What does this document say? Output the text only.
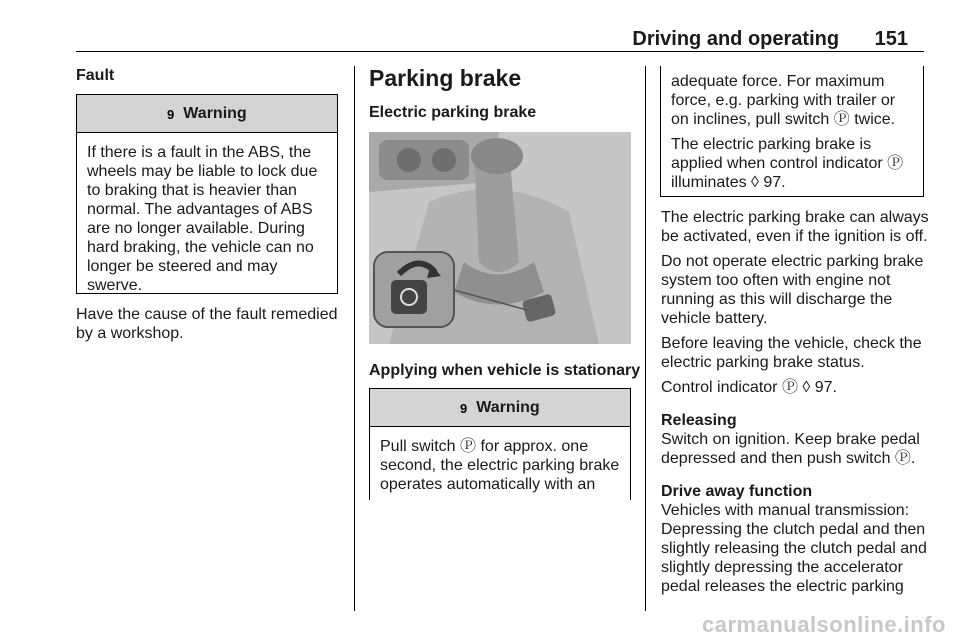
Driving and operating 151
Fault
9 Warning
If there is a fault in the ABS, the wheels may be liable to lock due to braking that is heavier than normal. The advantages of ABS are no longer available. During hard braking, the vehicle can no longer be steered and may swerve.
Have the cause of the fault remedied by a workshop.
Parking brake
Electric parking brake
Applying when vehicle is stationary
9 Warning
Pull switch Ⓟ for approx. one second, the electric parking brake operates automatically with an

adequate force. For maximum force, e.g. parking with trailer or on inclines, pull switch Ⓟ twice.

The electric parking brake is applied when control indicator Ⓟ illuminates ◊ 97.

The electric parking brake can always be activated, even if the ignition is off.

Do not operate electric parking brake system too often with engine not running as this will discharge the vehicle battery.

Before leaving the vehicle, check the electric parking brake status.

Control indicator Ⓟ ◊ 97.

Releasing

Switch on ignition. Keep brake pedal depressed and then push switch Ⓟ.

Drive away function

Vehicles with manual transmission: Depressing the clutch pedal and then slightly releasing the clutch pedal and slightly depressing the accelerator pedal releases the electric parking

carmanualsonline.info
